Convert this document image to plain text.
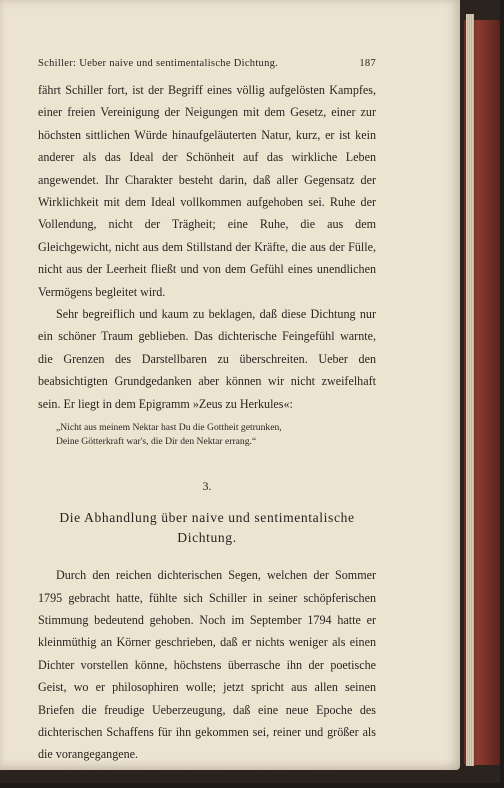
Schiller: Ueber naive und sentimentalische Dichtung.	187

fährt Schiller fort, ist der Begriff eines völlig aufgelösten Kampfes, einer freien Vereinigung der Neigungen mit dem Gesetz, einer zur höchsten sittlichen Würde hinaufgeläuterten Natur, kurz, er ist kein anderer als das Ideal der Schönheit auf das wirkliche Leben angewendet. Ihr Charakter besteht darin, daß aller Gegensatz der Wirklichkeit mit dem Ideal vollkommen aufgehoben sei. Ruhe der Vollendung, nicht der Trägheit; eine Ruhe, die aus dem Gleichgewicht, nicht aus dem Stillstand der Kräfte, die aus der Fülle, nicht aus der Leerheit fließt und von dem Gefühl eines unendlichen Vermögens begleitet wird.

Sehr begreiflich und kaum zu beklagen, daß diese Dichtung nur ein schöner Traum geblieben. Das dichterische Feingefühl warnte, die Grenzen des Darstellbaren zu überschreiten. Ueber den beabsichtigten Grundgedanken aber können wir nicht zweifelhaft sein. Er liegt in dem Epigramm »Zeus zu Herkules«:

„Nicht aus meinem Nektar hast Du die Gottheit getrunken,
Deine Götterkraft war's, die Dir den Nektar errang.“
3.
Die Abhandlung über naive und sentimentalische Dichtung.

Durch den reichen dichterischen Segen, welchen der Sommer 1795 gebracht hatte, fühlte sich Schiller in seiner schöpferischen Stimmung bedeutend gehoben. Noch im September 1794 hatte er kleinmüthig an Körner geschrieben, daß er nichts weniger als einen Dichter vorstellen könne, höchstens überrasche ihn der poetische Geist, wo er philosophiren wolle; jetzt spricht aus allen seinen Briefen die freudige Ueberzeugung, daß eine neue Epoche des dichterischen Schaffens für ihn gekommen sei, reiner und größer als die vorangegangene.

Schon keimte und wuchs der Plan zum Wallenstein; ernst-
